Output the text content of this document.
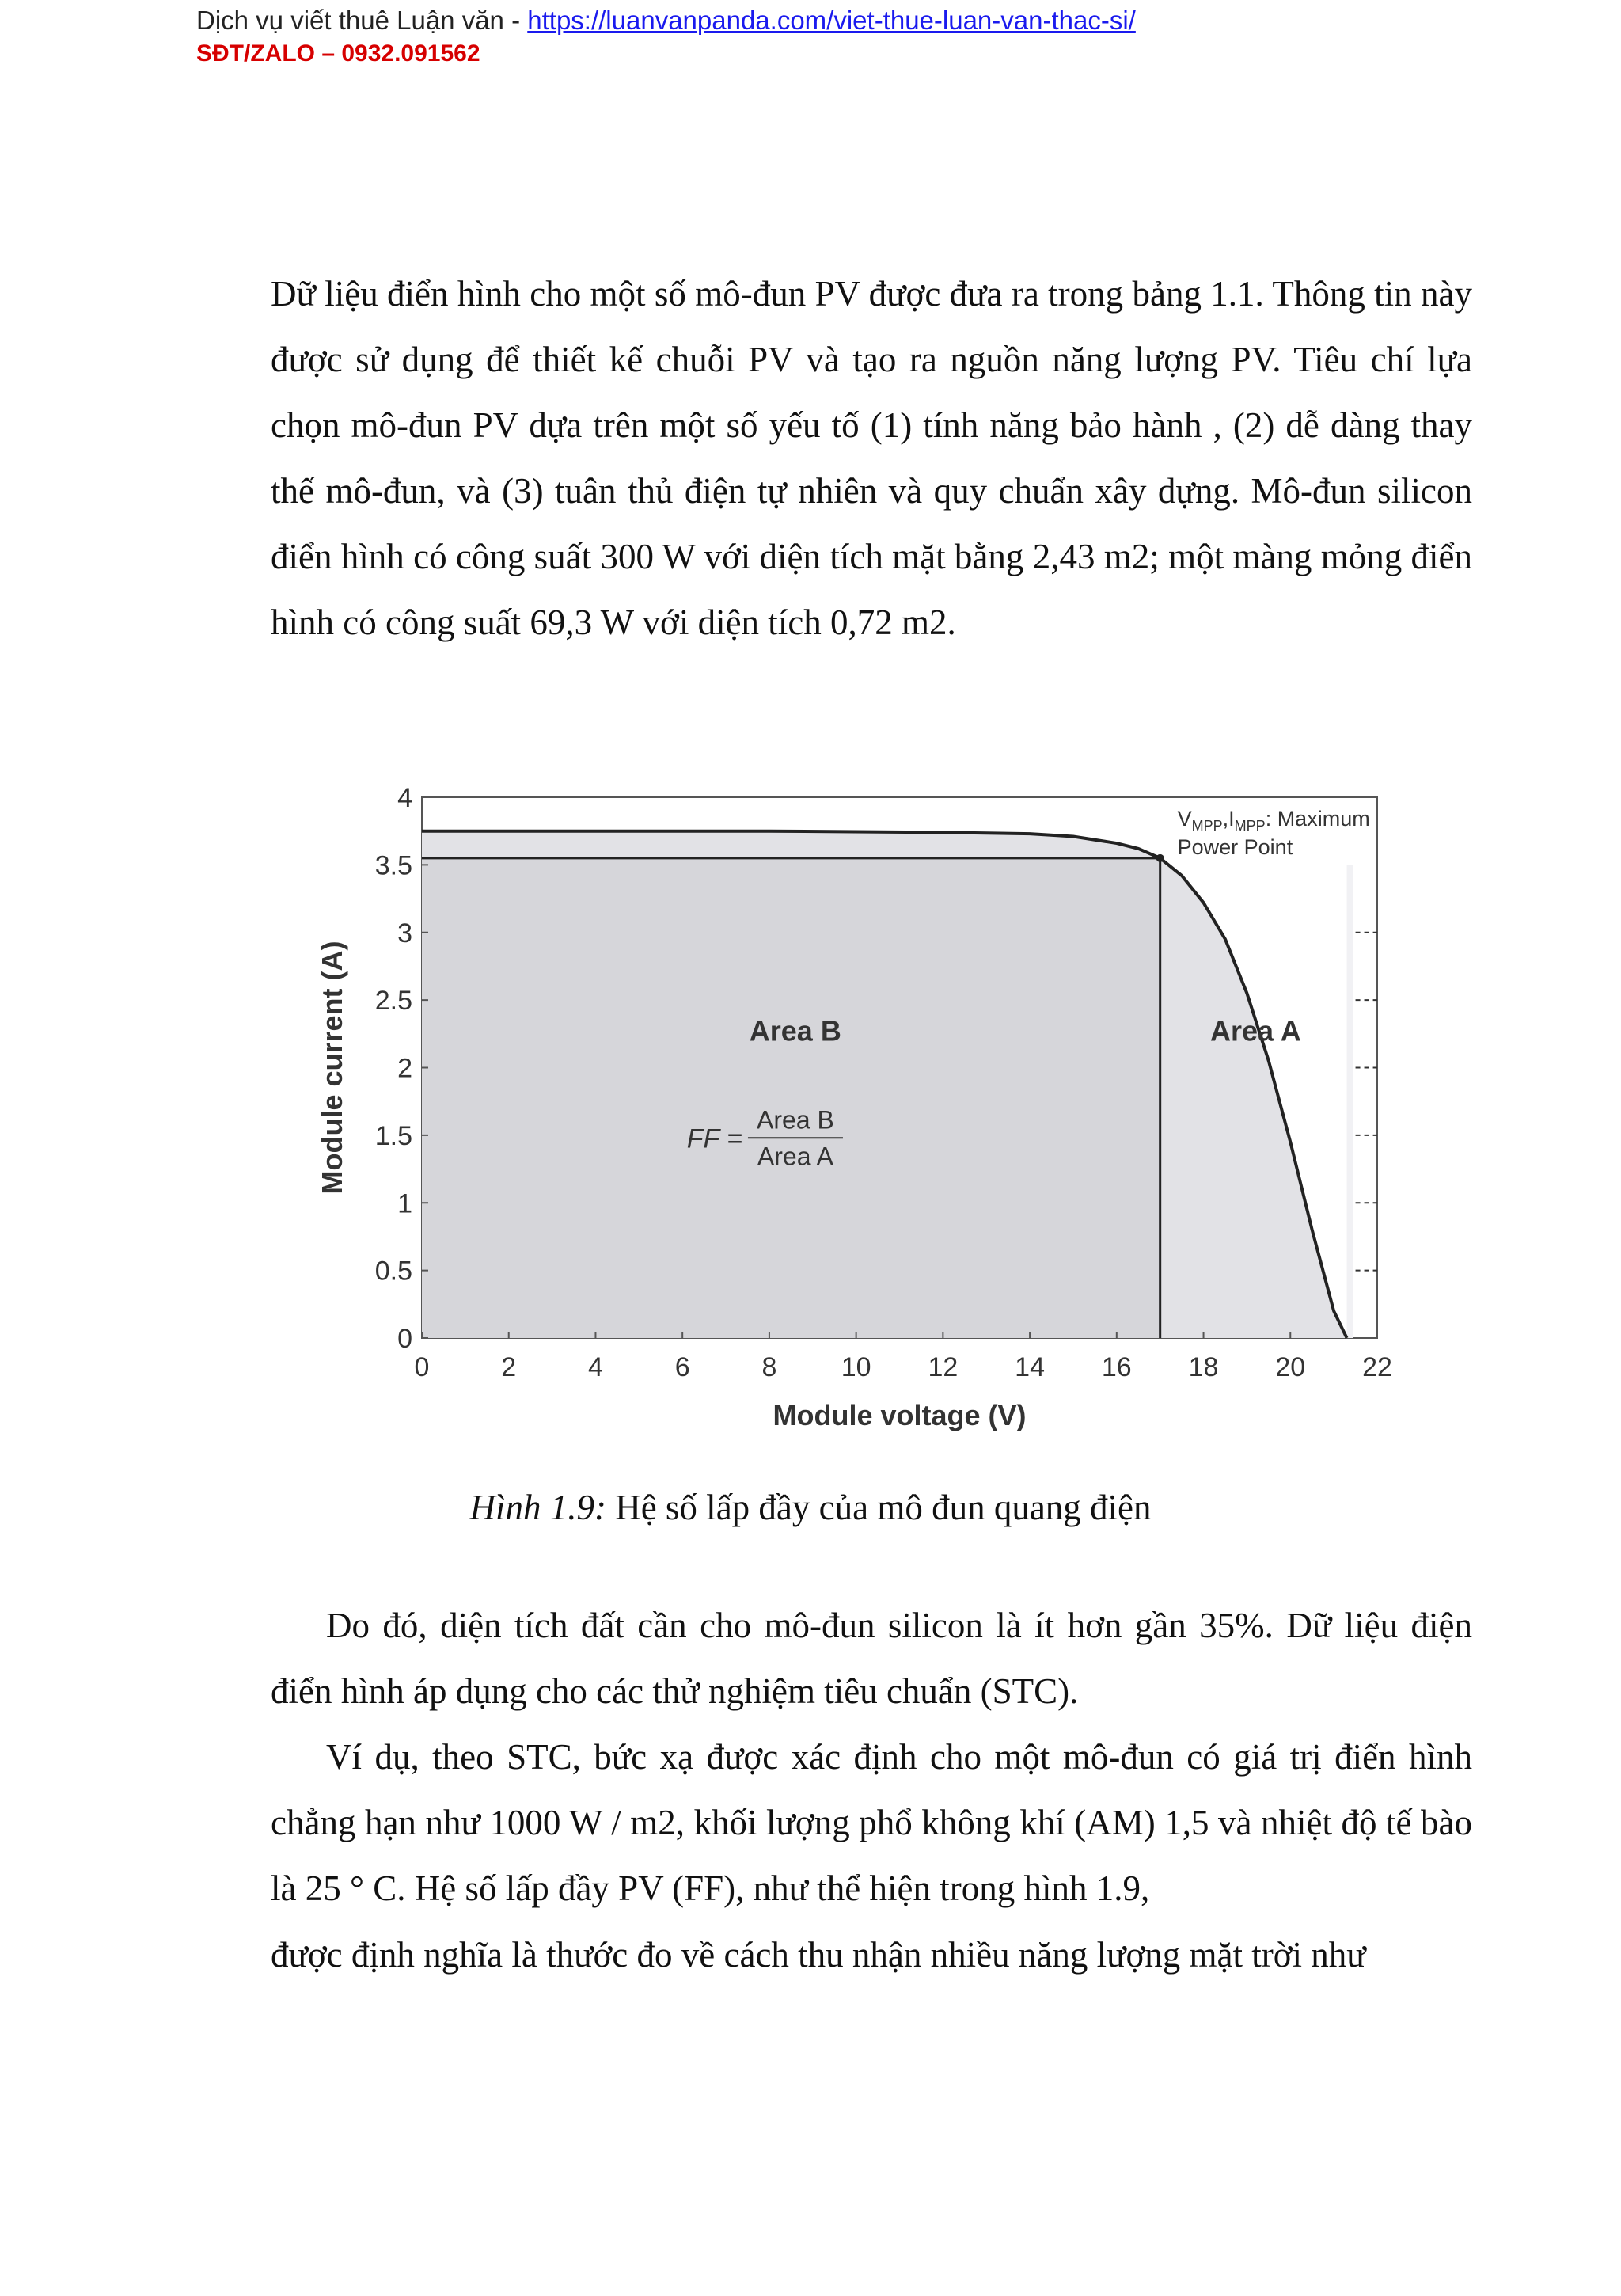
Dịch vụ viết thuê Luận văn - https://luanvanpanda.com/viet-thue-luan-van-thac-si/
SĐT/ZALO – 0932.091562

Dữ liệu điển hình cho một số mô-đun PV được đưa ra trong bảng 1.1. Thông tin này được sử dụng để thiết kế chuỗi PV và tạo ra nguồn năng lượng PV. Tiêu chí lựa chọn mô-đun PV dựa trên một số yếu tố (1) tính năng bảo hành , (2) dễ dàng thay thế mô-đun, và (3) tuân thủ điện tự nhiên và quy chuẩn xây dựng. Mô-đun silicon điển hình có công suất 300 W với diện tích mặt bằng 2,43 m2; một màng mỏng điển hình có công suất 69,3 W với diện tích 0,72 m2.

0	2	4	6	8 10 12 14 16 18 20 22
0
0.5
1
1.5
2
2.5
3
3.5
4
Module voltage (V)
Module current (A)	Area B	Area A
$V_{MPP},I_{MPP}$: Maximum
Power Point
FF =
Area B
Area A
Hình 1.9: Hệ số lấp đầy của mô đun quang điện

Do đó, diện tích đất cần cho mô-đun silicon là ít hơn gần 35%. Dữ liệu điện điển hình áp dụng cho các thử nghiệm tiêu chuẩn (STC).

Ví dụ, theo STC, bức xạ được xác định cho một mô-đun có giá trị điển hình chẳng hạn như 1000 W / m2, khối lượng phổ không khí (AM) 1,5 và nhiệt độ tế bào là 25 ° C. Hệ số lấp đầy PV (FF), như thể hiện trong hình 1.9,

được định nghĩa là thước đo về cách thu nhận nhiều năng lượng mặt trời như
